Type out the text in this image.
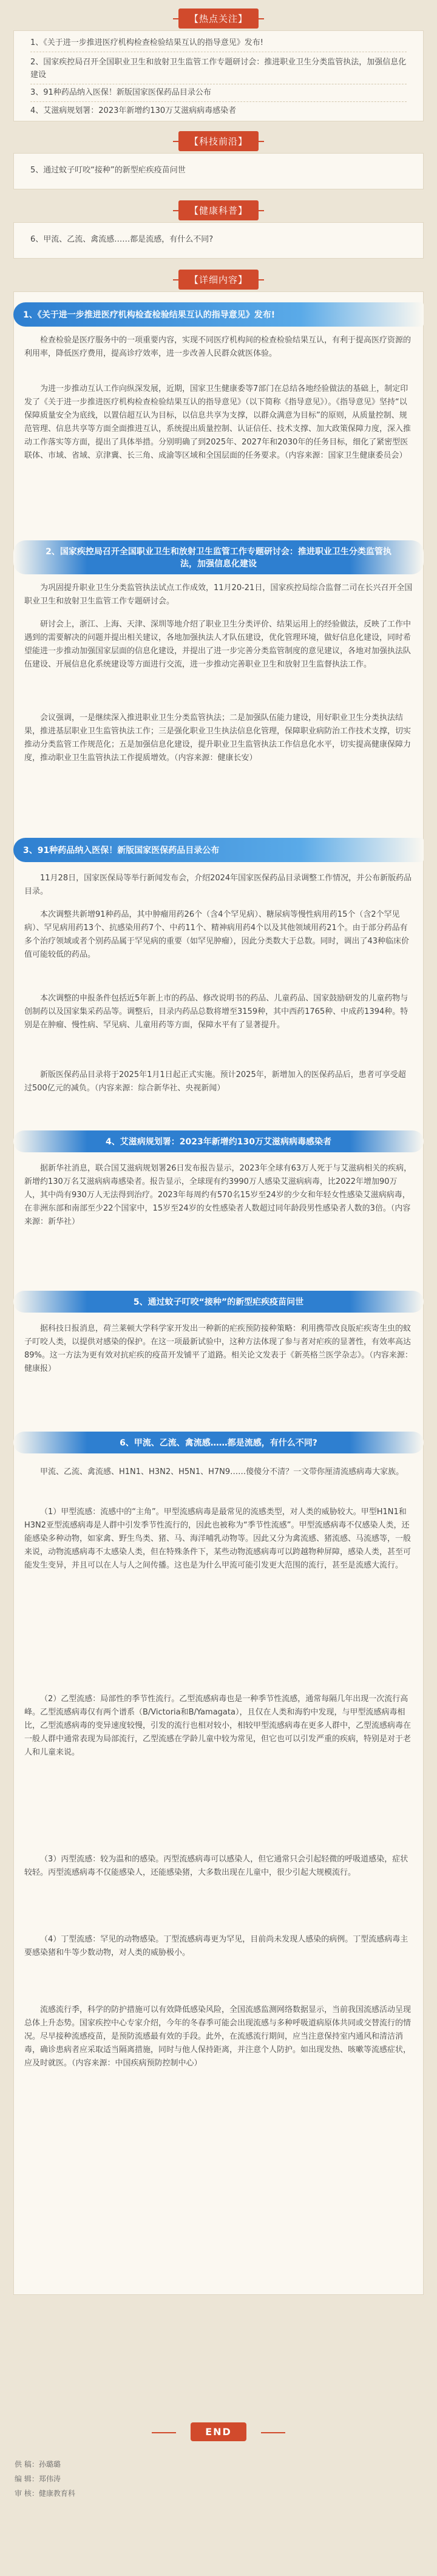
【热点关注】
1、《关于进一步推进医疗机构检查检验结果互认的指导意见》发布!
2、国家疾控局召开全国职业卫生和放射卫生监管工作专题研讨会：推进职业卫生分类监管执法，加强信息化建设
3、91种药品纳入医保！新版国家医保药品目录公布
4、艾滋病规划署：2023年新增约130万艾滋病病毒感染者
【科技前沿】
5、通过蚊子叮咬“接种”的新型疟疾疫苗问世
【健康科普】
6、甲流、乙流、禽流感……都是流感，有什么不同?
【详细内容】
1、《关于进一步推进医疗机构检查检验结果互认的指导意见》发布!

检查检验是医疗服务中的一项重要内容，实现不同医疗机构间的检查检验结果互认，有利于提高医疗资源的利用率，降低医疗费用，提高诊疗效率，进一步改善人民群众就医体验。

为进一步推动互认工作向纵深发展，近期，国家卫生健康委等7部门在总结各地经验做法的基础上，制定印发了《关于进一步推进医疗机构检查检验结果互认的指导意见》（以下简称《指导意见》）。《指导意见》坚持“以保障质量安全为底线，以置信超互认为目标，以信息共享为支撑，以群众满意为目标”的原则，从质量控制、规范管理、信息共享等方面全面推进互认，系统提出质量控制、认证信任、技术支撑、加大政策保障力度，深入推动工作落实等方面，提出了具体举措。分别明确了到2025年、2027年和2030年的任务目标，细化了紧密型医联体、市域、省域、京津冀、长三角、成渝等区域和全国层面的任务要求。（内容来源：国家卫生健康委员会）

2、国家疾控局召开全国职业卫生和放射卫生监管工作专题研讨会：推进职业卫生分类监管执法，加强信息化建设

为巩固提升职业卫生分类监管执法试点工作成效，11月20-21日，国家疾控局综合监督二司在长兴召开全国职业卫生和放射卫生监管工作专题研讨会。

研讨会上，浙江、上海、天津、深圳等地介绍了职业卫生分类评价、结果运用上的经验做法，反映了工作中遇到的需要解决的问题并提出相关建议，各地加强执法人才队伍建设，优化管理环境，做好信息化建设，同时希望能进一步推动加强国家层面的信息化建设，并提出了进一步完善分类监管制度的意见建议，各地对加强执法队伍建设、开展信息化系统建设等方面进行交流，进一步推动完善职业卫生和放射卫生监督执法工作。

会议强调，一是继续深入推进职业卫生分类监管执法；二是加强队伍能力建设，用好职业卫生分类执法结果，推进基层职业卫生监管执法工作；三是强化职业卫生执法信息化管理，保障职业病防治工作技术支撑，切实推动分类监管工作规范化；五是加强信息化建设，提升职业卫生监管执法工作信息化水平，切实提高健康保障力度，推动职业卫生监管执法工作提质增效。（内容来源：健康长安）

3、91种药品纳入医保！新版国家医保药品目录公布

11月28日，国家医保局等举行新闻发布会，介绍2024年国家医保药品目录调整工作情况，并公布新版药品目录。

本次调整共新增91种药品，其中肿瘤用药26个（含4个罕见病）、糖尿病等慢性病用药15个（含2个罕见病）、罕见病用药13个、抗感染用药7个、中药11个、精神病用药4个以及其他领域用药21个。由于部分药品有多个治疗领域或者个别药品属于罕见病的重要（如罕见肿瘤），因此分类数大于总数。同时，调出了43种临床价值可能较低的药品。

本次调整的申报条件包括近5年新上市的药品、修改说明书的药品、儿童药品、国家鼓励研发的儿童药物与创制药以及国家集采药品等。调整后，目录内药品总数将增至3159种，其中西药1765种、中成药1394种。特别是在肿瘤、慢性病、罕见病、儿童用药等方面，保障水平有了显著提升。

新版医保药品目录将于2025年1月1日起正式实施。预计2025年，新增加入的医保药品后，患者可享受超过500亿元的减负。（内容来源：综合新华社、央视新闻）

4、艾滋病规划署：2023年新增约130万艾滋病病毒感染者

据新华社消息，联合国艾滋病规划署26日发布报告显示，2023年全球有63万人死于与艾滋病相关的疾病，新增约130万名艾滋病病毒感染者。报告显示，全球现有约3990万人感染艾滋病病毒，比2022年增加90万人，其中尚有930万人无法得到治疗。2023年每周约有570名15岁至24岁的少女和年轻女性感染艾滋病病毒，在非洲东部和南部至少22个国家中，15岁至24岁的女性感染者人数超过同年龄段男性感染者人数的3倍。（内容来源：新华社）

5、通过蚊子叮咬“接种”的新型疟疾疫苗问世

据科技日报消息，荷兰莱顿大学科学家开发出一种新的疟疾预防接种策略：利用携带改良版疟疾寄生虫的蚊子叮咬人类，以提供对感染的保护。在这一项最新试验中，这种方法体现了参与者对疟疾的显著性，有效率高达89%。这一方法为更有效对抗疟疾的疫苗开发铺平了道路。相关论文发表于《新英格兰医学杂志》。（内容来源：健康报）

6、甲流、乙流、禽流感……都是流感，有什么不同?

甲流、乙流、禽流感、H1N1、H3N2、H5N1、H7N9……傻傻分不清？一文带你厘清流感病毒大家族。

（1）甲型流感：流感中的“主角”。甲型流感病毒是最常见的流感类型，对人类的威胁较大。甲型H1N1和H3N2亚型流感病毒是人群中引发季节性流行的，因此也被称为“季节性流感”。甲型流感病毒不仅感染人类，还能感染多种动物，如家禽、野生鸟类、猪、马、海洋哺乳动物等。因此又分为禽流感、猪流感、马流感等，一般来说，动物流感病毒不太感染人类，但在特殊条件下，某些动物流感病毒可以跨越物种屏障，感染人类，甚至可能发生变异，并且可以在人与人之间传播。这也是为什么甲流可能引发更大范围的流行，甚至是流感大流行。

（2）乙型流感：局部性的季节性流行。乙型流感病毒也是一种季节性流感，通常每隔几年出现一次流行高峰。乙型流感病毒仅有两个谱系（B/Victoria和B/Yamagata），且仅在人类和海豹中发现，与甲型流感病毒相比，乙型流感病毒的变异速度较慢，引发的流行也相对较小，相较甲型流感病毒在更多人群中，乙型流感病毒在一般人群中通常表现为局部流行，乙型流感在学龄儿童中较为常见，但它也可以引发严重的疾病，特别是对于老人和儿童来说。

（3）丙型流感：较为温和的感染。丙型流感病毒可以感染人，但它通常只会引起轻微的呼吸道感染，症状较轻。丙型流感病毒不仅能感染人，还能感染猪，大多数出现在儿童中，很少引起大规模流行。

（4）丁型流感：罕见的动物感染。丁型流感病毒更为罕见，目前尚未发现人感染的病例。丁型流感病毒主要感染猪和牛等少数动物，对人类的威胁极小。

流感流行季，科学的防护措施可以有效降低感染风险，全国流感监测网络数据显示，当前我国流感活动呈现总体上升态势。国家疾控中心专家介绍，今年的冬春季可能会出现流感与多种呼吸道病原体共同或交替流行的情况。尽早接种流感疫苗，是预防流感最有效的手段。此外，在流感流行期间，应当注意保持室内通风和清洁消毒，确诊患病者应采取适当隔离措施，同时与他人保持距离，并注意个人防护。如出现发热、咳嗽等流感症状，应及时就医。（内容来源：中国疾病预防控制中心）

END
供 稿：孙璐璐
编 辑：郑伟涛
审 核：健康教育科
